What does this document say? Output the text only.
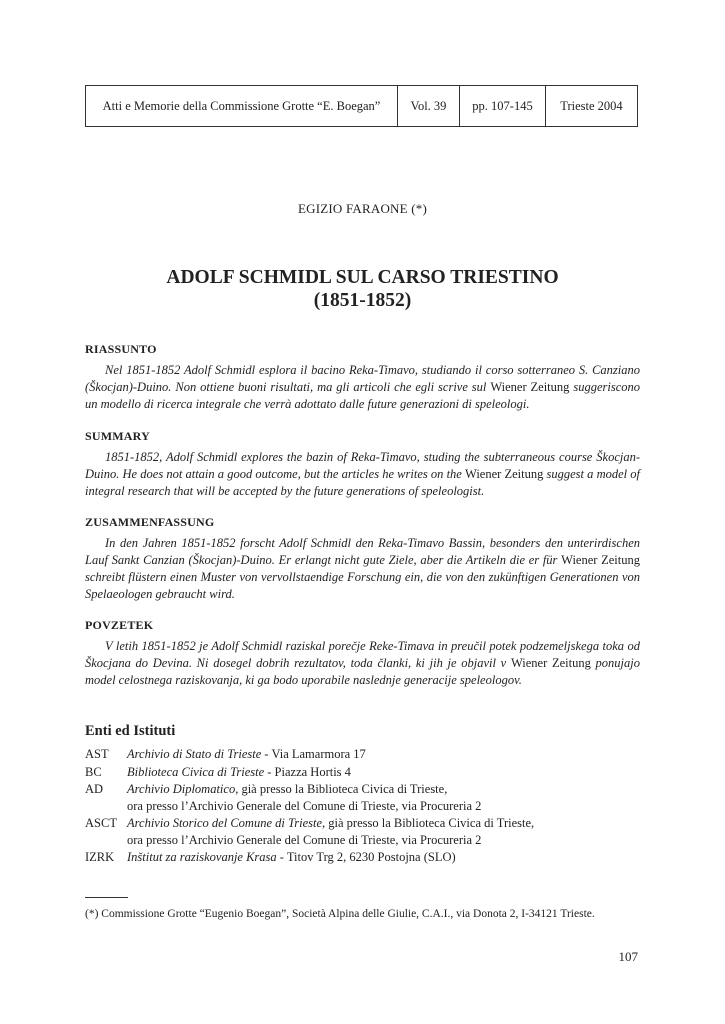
Atti e Memorie della Commissione Grotte “E. Boegan”	Vol. 39	pp. 107-145	Trieste 2004
EGIZIO FARAONE (*)
ADOLF SCHMIDL SUL CARSO TRIESTINO
(1851-1852)

RIASSUNTO

Nel 1851-1852 Adolf Schmidl esplora il bacino Reka-Timavo, studiando il corso sotterraneo S. Canziano (Škocjan)-Duino. Non ottiene buoni risultati, ma gli articoli che egli scrive sul Wiener Zeitung suggeriscono un modello di ricerca integrale che verrà adottato dalle future generazioni di speleologi.

SUMMARY

1851-1852, Adolf Schmidl explores the bazin of Reka-Timavo, studing the subterraneous course Škocjan-Duino. He does not attain a good outcome, but the articles he writes on the Wiener Zeitung suggest a model of integral research that will be accepted by the future generations of speleologist.

ZUSAMMENFASSUNG

In den Jahren 1851-1852 forscht Adolf Schmidl den Reka-Timavo Bassin, besonders den unterirdischen Lauf Sankt Canzian (Škocjan)-Duino. Er erlangt nicht gute Ziele, aber die Artikeln die er für Wiener Zeitung schreibt flüstern einen Muster von vervollstaendige Forschung ein, die von den zukünftigen Generationen von Spelaeologen gebraucht wird.

POVZETEK

V letih 1851-1852 je Adolf Schmidl raziskal porečje Reke-Timava in preučil potek podzemeljskega toka od Škocjana do Devina. Ni dosegel dobrih rezultatov, toda članki, ki jih je objavil v Wiener Zeitung ponujajo model celostnega raziskovanja, ki ga bodo uporabile naslednje generacije speleologov.

Enti ed Istituti
AST	Archivio di Stato di Trieste - Via Lamarmora 17
BC	Biblioteca Civica di Trieste - Piazza Hortis 4
AD	Archivio Diplomatico, già presso la Biblioteca Civica di Trieste,
ora presso l’Archivio Generale del Comune di Trieste, via Procureria 2
ASCT Archivio Storico del Comune di Trieste, già presso la Biblioteca Civica di Trieste,
ora presso l’Archivio Generale del Comune di Trieste, via Procureria 2
IZRK	Inštitut za raziskovanje Krasa - Titov Trg 2, 6230 Postojna (SLO)
(*) Commissione Grotte “Eugenio Boegan”, Società Alpina delle Giulie, C.A.I., via Donota 2, I-34121 Trieste.
107
